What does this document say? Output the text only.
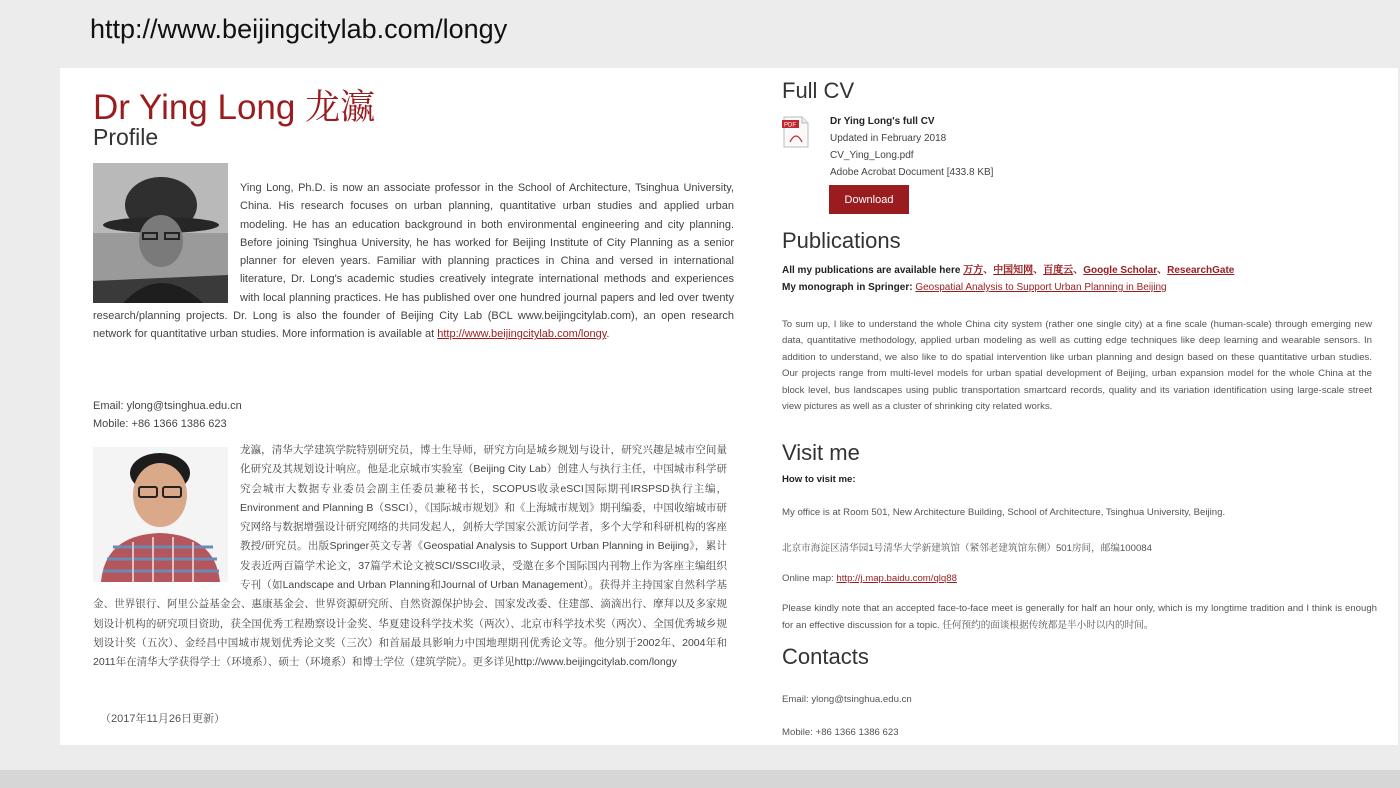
http://www.beijingcitylab.com/longy
Dr Ying Long 龙瀛
Profile
Ying Long, Ph.D. is now an associate professor in the School of Architecture, Tsinghua University, China. His research focuses on urban planning, quantitative urban studies and applied urban modeling. He has an education background in both environmental engineering and city planning. Before joining Tsinghua University, he has worked for Beijing Institute of City Planning as a senior planner for eleven years. Familiar with planning practices in China and versed in international literature, Dr. Long's academic studies creatively integrate international methods and experiences with local planning practices. He has published over one hundred journal papers and led over twenty research/planning projects. Dr. Long is also the founder of Beijing City Lab (BCL www.beijingcitylab.com), an open research network for quantitative urban studies. More information is available at http://www.beijingcitylab.com/longy.
Email: ylong@tsinghua.edu.cn
Mobile: +86 1366 1386 623
龙瀛，清华大学建筑学院特别研究员，博士生导师，研究方向是城乡规划与设计，研究兴趣是城市空间量化研究及其规划设计响应。他是北京城市实验室（Beijing City Lab）创建人与执行主任，中国城市科学研究会城市大数据专业委员会副主任委员兼秘书长，SCOPUS收录eSCI国际期刊IRSPSD执行主编，Environment and Planning B（SSCI），《国际城市规划》和《上海城市规划》期刊编委，中国收缩城市研究网络与数据增强设计研究网络的共同发起人，剑桥大学国家公派访问学者，多个大学和科研机构的客座教授/研究员。出版Springer英文专著《Geospatial Analysis to Support Urban Planning in Beijing》，累计发表近两百篇学术论文，37篇学术论文被SCI/SSCI收录，受邀在多个国际国内刊物上作为客座主编组织专刊（如Landscape and Urban Planning和Journal of Urban Management）。获得并主持国家自然科学基金、世界银行、阿里公益基金会、惠康基金会、世界资源研究所、自然资源保护协会、国家发改委、住建部、滴滴出行、摩拜以及多家规划设计机构的研究项目资助，获全国优秀工程勘察设计金奖、华夏建设科学技术奖（两次）、北京市科学技术奖（两次）、全国优秀城乡规划设计奖（五次）、金经昌中国城市规划优秀论文奖（三次）和首届最具影响力中国地理期刊优秀论文等。他分别于2002年、2004年和2011年在清华大学获得学士（环境系）、硕士（环境系）和博士学位（建筑学院）。更多详见http://www.beijingcitylab.com/longy
（2017年11月26日更新）
Full CV
PDF	Dr Ying Long's full CV
Updated in February 2018
CV_Ying_Long.pdf
Adobe Acrobat Document [433.8 KB]
Download
Publications
All my publications are available here 万方、中国知网、百度云、Google Scholar、ResearchGate
My monograph in Springer: Geospatial Analysis to Support Urban Planning in Beijing
To sum up, I like to understand the whole China city system (rather one single city) at a fine scale (human-scale) through emerging new data, quantitative methodology, applied urban modeling as well as cutting edge techniques like deep learning and wearable sensors. In addition to understand, we also like to do spatial intervention like urban planning and design based on these quantitative urban studies. Our projects range from multi-level models for urban spatial development of Beijing, urban expansion model for the whole China at the block level, bus landscapes using public transportation smartcard records, quality and its variation identification using large-scale street view pictures as well as a cluster of shrinking city related works.
Visit me
How to visit me:
My office is at Room 501, New Architecture Building, School of Architecture, Tsinghua University, Beijing.
北京市海淀区清华园1号清华大学新建筑馆（紧邻老建筑馆东侧）501房间，邮编100084
Online map: http://j.map.baidu.com/qlq88
Please kindly note that an accepted face-to-face meet is generally for half an hour only, which is my longtime tradition and I think is enough for an effective discussion for a topic. 任何预约的面谈根据传统都是半小时以内的时间。
Contacts
Email: ylong@tsinghua.edu.cn
Mobile: +86 1366 1386 623
